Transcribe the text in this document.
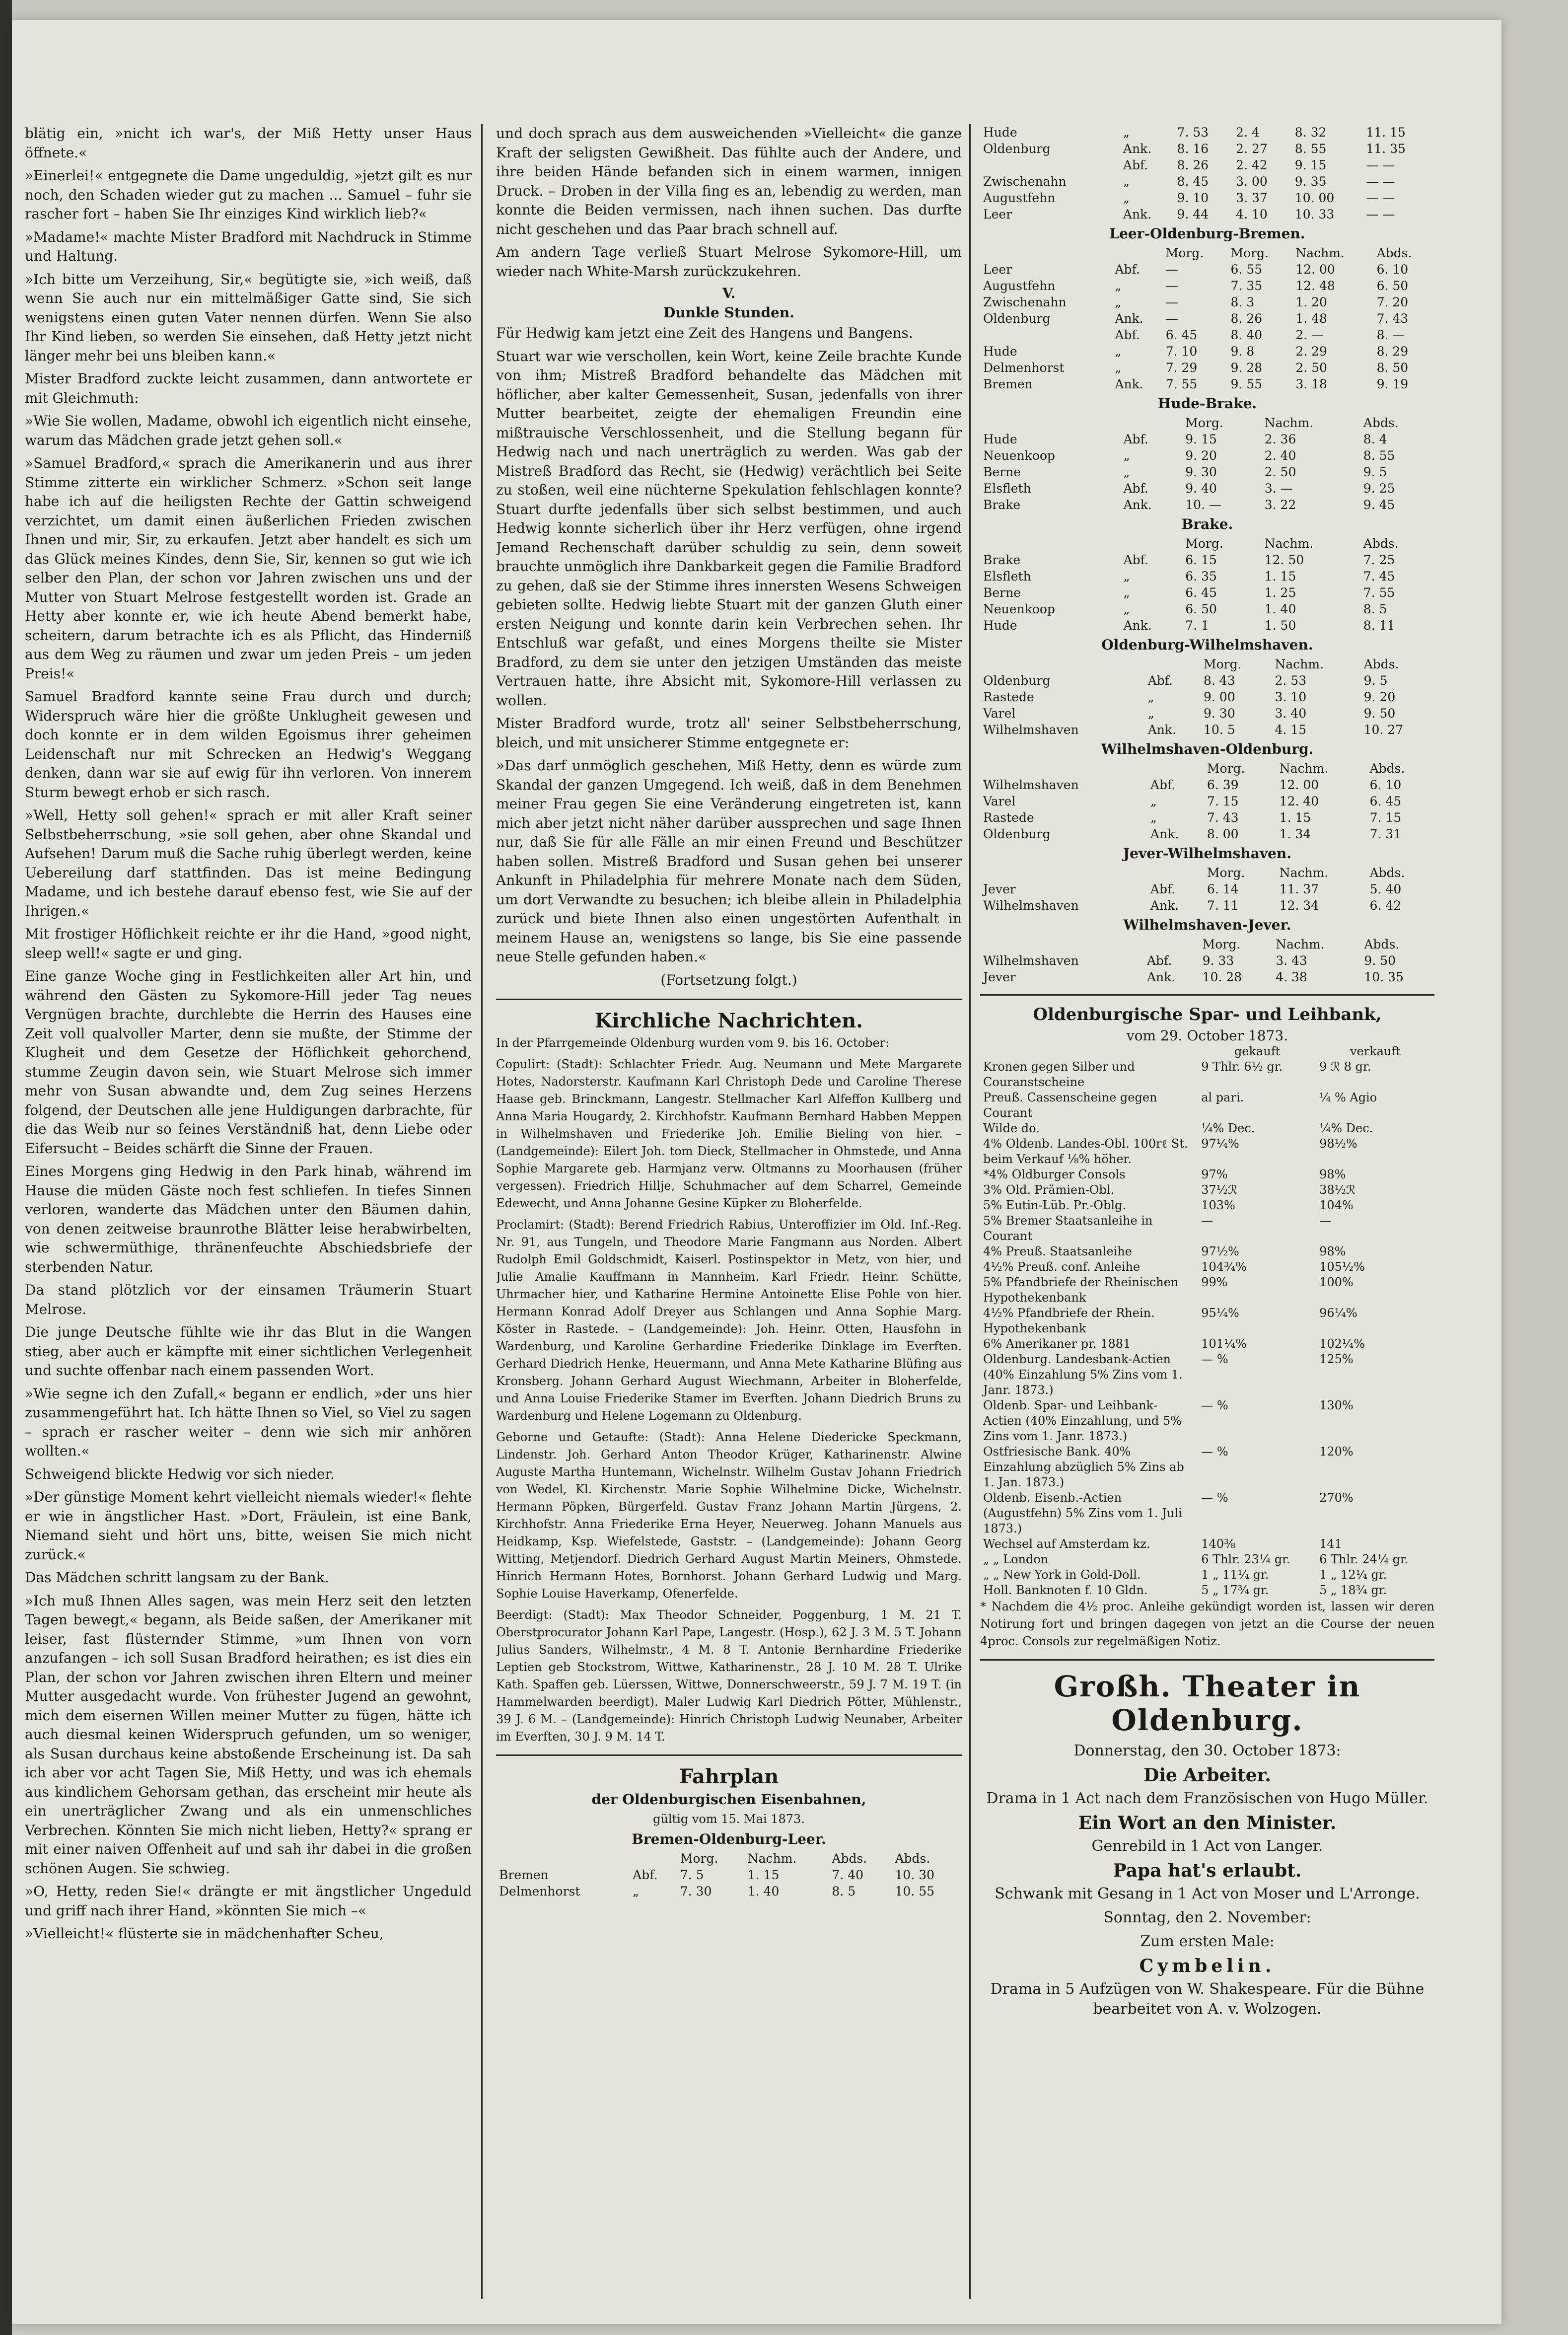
blätig ein, »nicht ich war's, der Miß Hetty unser Haus öffnete.«

»Einerlei!« entgegnete die Dame ungeduldig, »jetzt gilt es nur noch, den Schaden wieder gut zu machen ... Samuel – fuhr sie rascher fort – haben Sie Ihr einziges Kind wirklich lieb?«

»Madame!« machte Mister Bradford mit Nachdruck in Stimme und Haltung.

»Ich bitte um Verzeihung, Sir,« begütigte sie, »ich weiß, daß wenn Sie auch nur ein mittelmäßiger Gatte sind, Sie sich wenigstens einen guten Vater nennen dürfen. Wenn Sie also Ihr Kind lieben, so werden Sie einsehen, daß Hetty jetzt nicht länger mehr bei uns bleiben kann.«

Mister Bradford zuckte leicht zusammen, dann antwortete er mit Gleichmuth:

»Wie Sie wollen, Madame, obwohl ich eigentlich nicht einsehe, warum das Mädchen grade jetzt gehen soll.«

»Samuel Bradford,« sprach die Amerikanerin und aus ihrer Stimme zitterte ein wirklicher Schmerz. »Schon seit lange habe ich auf die heiligsten Rechte der Gattin schweigend verzichtet, um damit einen äußerlichen Frieden zwischen Ihnen und mir, Sir, zu erkaufen. Jetzt aber handelt es sich um das Glück meines Kindes, denn Sie, Sir, kennen so gut wie ich selber den Plan, der schon vor Jahren zwischen uns und der Mutter von Stuart Melrose festgestellt worden ist. Grade an Hetty aber konnte er, wie ich heute Abend bemerkt habe, scheitern, darum betrachte ich es als Pflicht, das Hinderniß aus dem Weg zu räumen und zwar um jeden Preis – um jeden Preis!«

Samuel Bradford kannte seine Frau durch und durch; Widerspruch wäre hier die größte Unklugheit gewesen und doch konnte er in dem wilden Egoismus ihrer geheimen Leidenschaft nur mit Schrecken an Hedwig's Weggang denken, dann war sie auf ewig für ihn verloren. Von innerem Sturm bewegt erhob er sich rasch.

»Well, Hetty soll gehen!« sprach er mit aller Kraft seiner Selbstbeherrschung, »sie soll gehen, aber ohne Skandal und Aufsehen! Darum muß die Sache ruhig überlegt werden, keine Uebereilung darf stattfinden. Das ist meine Bedingung Madame, und ich bestehe darauf ebenso fest, wie Sie auf der Ihrigen.«

Mit frostiger Höflichkeit reichte er ihr die Hand, »good night, sleep well!« sagte er und ging.

Eine ganze Woche ging in Festlichkeiten aller Art hin, und während den Gästen zu Sykomore-Hill jeder Tag neues Vergnügen brachte, durchlebte die Herrin des Hauses eine Zeit voll qualvoller Marter, denn sie mußte, der Stimme der Klugheit und dem Gesetze der Höflichkeit gehorchend, stumme Zeugin davon sein, wie Stuart Melrose sich immer mehr von Susan abwandte und, dem Zug seines Herzens folgend, der Deutschen alle jene Huldigungen darbrachte, für die das Weib nur so feines Verständniß hat, denn Liebe oder Eifersucht – Beides schärft die Sinne der Frauen.

Eines Morgens ging Hedwig in den Park hinab, während im Hause die müden Gäste noch fest schliefen. In tiefes Sinnen verloren, wanderte das Mädchen unter den Bäumen dahin, von denen zeitweise braunrothe Blätter leise herabwirbelten, wie schwermüthige, thränenfeuchte Abschiedsbriefe der sterbenden Natur.

Da stand plötzlich vor der einsamen Träumerin Stuart Melrose.

Die junge Deutsche fühlte wie ihr das Blut in die Wangen stieg, aber auch er kämpfte mit einer sichtlichen Verlegenheit und suchte offenbar nach einem passenden Wort.

»Wie segne ich den Zufall,« begann er endlich, »der uns hier zusammengeführt hat. Ich hätte Ihnen so Viel, so Viel zu sagen – sprach er rascher weiter – denn wie sich mir anhören wollten.«

Schweigend blickte Hedwig vor sich nieder.

»Der günstige Moment kehrt vielleicht niemals wieder!« flehte er wie in ängstlicher Hast. »Dort, Fräulein, ist eine Bank, Niemand sieht und hört uns, bitte, weisen Sie mich nicht zurück.«

Das Mädchen schritt langsam zu der Bank.

»Ich muß Ihnen Alles sagen, was mein Herz seit den letzten Tagen bewegt,« begann, als Beide saßen, der Amerikaner mit leiser, fast flüsternder Stimme, »um Ihnen von vorn anzufangen – ich soll Susan Bradford heirathen; es ist dies ein Plan, der schon vor Jahren zwischen ihren Eltern und meiner Mutter ausgedacht wurde. Von frühester Jugend an gewohnt, mich dem eisernen Willen meiner Mutter zu fügen, hätte ich auch diesmal keinen Widerspruch gefunden, um so weniger, als Susan durchaus keine abstoßende Erscheinung ist. Da sah ich aber vor acht Tagen Sie, Miß Hetty, und was ich ehemals aus kindlichem Gehorsam gethan, das erscheint mir heute als ein unerträglicher Zwang und als ein unmenschliches Verbrechen. Könnten Sie mich nicht lieben, Hetty?« sprang er mit einer naiven Offenheit auf und sah ihr dabei in die großen schönen Augen. Sie schwieg.

»O, Hetty, reden Sie!« drängte er mit ängstlicher Ungeduld und griff nach ihrer Hand, »könnten Sie mich –«

»Vielleicht!« flüsterte sie in mädchenhafter Scheu,

und doch sprach aus dem ausweichenden »Vielleicht« die ganze Kraft der seligsten Gewißheit. Das fühlte auch der Andere, und ihre beiden Hände befanden sich in einem warmen, innigen Druck. – Droben in der Villa fing es an, lebendig zu werden, man konnte die Beiden vermissen, nach ihnen suchen. Das durfte nicht geschehen und das Paar brach schnell auf.

Am andern Tage verließ Stuart Melrose Sykomore-Hill, um wieder nach White-Marsh zurückzukehren.

V.
Dunkle Stunden.

Für Hedwig kam jetzt eine Zeit des Hangens und Bangens.

Stuart war wie verschollen, kein Wort, keine Zeile brachte Kunde von ihm; Mistreß Bradford behandelte das Mädchen mit höflicher, aber kalter Gemessenheit, Susan, jedenfalls von ihrer Mutter bearbeitet, zeigte der ehemaligen Freundin eine mißtrauische Verschlossenheit, und die Stellung begann für Hedwig nach und nach unerträglich zu werden. Was gab der Mistreß Bradford das Recht, sie (Hedwig) verächtlich bei Seite zu stoßen, weil eine nüchterne Spekulation fehlschlagen konnte? Stuart durfte jedenfalls über sich selbst bestimmen, und auch Hedwig konnte sicherlich über ihr Herz verfügen, ohne irgend Jemand Rechenschaft darüber schuldig zu sein, denn soweit brauchte unmöglich ihre Dankbarkeit gegen die Familie Bradford zu gehen, daß sie der Stimme ihres innersten Wesens Schweigen gebieten sollte. Hedwig liebte Stuart mit der ganzen Gluth einer ersten Neigung und konnte darin kein Verbrechen sehen. Ihr Entschluß war gefaßt, und eines Morgens theilte sie Mister Bradford, zu dem sie unter den jetzigen Umständen das meiste Vertrauen hatte, ihre Absicht mit, Sykomore-Hill verlassen zu wollen.

Mister Bradford wurde, trotz all' seiner Selbstbeherrschung, bleich, und mit unsicherer Stimme entgegnete er:

»Das darf unmöglich geschehen, Miß Hetty, denn es würde zum Skandal der ganzen Umgegend. Ich weiß, daß in dem Benehmen meiner Frau gegen Sie eine Veränderung eingetreten ist, kann mich aber jetzt nicht näher darüber aussprechen und sage Ihnen nur, daß Sie für alle Fälle an mir einen Freund und Beschützer haben sollen. Mistreß Bradford und Susan gehen bei unserer Ankunft in Philadelphia für mehrere Monate nach dem Süden, um dort Verwandte zu besuchen; ich bleibe allein in Philadelphia zurück und biete Ihnen also einen ungestörten Aufenthalt in meinem Hause an, wenigstens so lange, bis Sie eine passende neue Stelle gefunden haben.«

(Fortsetzung folgt.)

Kirchliche Nachrichten.

In der Pfarrgemeinde Oldenburg wurden vom 9. bis 16. October:

Copulirt: (Stadt): Schlachter Friedr. Aug. Neumann und Mete Margarete Hotes, Nadorsterstr. Kaufmann Karl Christoph Dede und Caroline Therese Haase geb. Brinckmann, Langestr. Stellmacher Karl Alfeffon Kullberg und Anna Maria Hougardy, 2. Kirchhofstr. Kaufmann Bernhard Habben Meppen in Wilhelmshaven und Friederike Joh. Emilie Bieling von hier. – (Landgemeinde): Eilert Joh. tom Dieck, Stellmacher in Ohmstede, und Anna Sophie Margarete geb. Harmjanz verw. Oltmanns zu Moorhausen (früher vergessen). Friedrich Hillje, Schuhmacher auf dem Scharrel, Gemeinde Edewecht, und Anna Johanne Gesine Küpker zu Bloherfelde.

Proclamirt: (Stadt): Berend Friedrich Rabius, Unteroffizier im Old. Inf.-Reg. Nr. 91, aus Tungeln, und Theodore Marie Fangmann aus Norden. Albert Rudolph Emil Goldschmidt, Kaiserl. Postinspektor in Metz, von hier, und Julie Amalie Kauffmann in Mannheim. Karl Friedr. Heinr. Schütte, Uhrmacher hier, und Katharine Hermine Antoinette Elise Pohle von hier. Hermann Konrad Adolf Dreyer aus Schlangen und Anna Sophie Marg. Köster in Rastede. – (Landgemeinde): Joh. Heinr. Otten, Hausfohn in Wardenburg, und Karoline Gerhardine Friederike Dinklage im Everften. Gerhard Diedrich Henke, Heuermann, und Anna Mete Katharine Blüfing aus Kronsberg. Johann Gerhard August Wiechmann, Arbeiter in Bloherfelde, und Anna Louise Friederike Stamer im Everften. Johann Diedrich Bruns zu Wardenburg und Helene Logemann zu Oldenburg.

Geborne und Getaufte: (Stadt): Anna Helene Diedericke Speckmann, Lindenstr. Joh. Gerhard Anton Theodor Krüger, Katharinenstr. Alwine Auguste Martha Huntemann, Wichelnstr. Wilhelm Gustav Johann Friedrich von Wedel, Kl. Kirchenstr. Marie Sophie Wilhelmine Dicke, Wichelnstr. Hermann Pöpken, Bürgerfeld. Gustav Franz Johann Martin Jürgens, 2. Kirchhofstr. Anna Friederike Erna Heyer, Neuerweg. Johann Manuels aus Heidkamp, Ksp. Wiefelstede, Gaststr. – (Landgemeinde): Johann Georg Witting, Metjendorf. Diedrich Gerhard August Martin Meiners, Ohmstede. Hinrich Hermann Hotes, Bornhorst. Johann Gerhard Ludwig und Marg. Sophie Louise Haverkamp, Ofenerfelde.

Beerdigt: (Stadt): Max Theodor Schneider, Poggenburg, 1 M. 21 T. Oberstprocurator Johann Karl Pape, Langestr. (Hosp.), 62 J. 3 M. 5 T. Johann Julius Sanders, Wilhelmstr., 4 M. 8 T. Antonie Bernhardine Friederike Leptien geb Stockstrom, Wittwe, Katharinenstr., 28 J. 10 M. 28 T. Ulrike Kath. Spaffen geb. Lüerssen, Wittwe, Donnerschweerstr., 59 J. 7 M. 19 T. (in Hammelwarden beerdigt). Maler Ludwig Karl Diedrich Pötter, Mühlenstr., 39 J. 6 M. – (Landgemeinde): Hinrich Christoph Ludwig Neunaber, Arbeiter im Everften, 30 J. 9 M. 14 T.

Fahrplan
der Oldenburgischen Eisenbahnen,
gültig vom 15. Mai 1873.
Bremen-Oldenburg-Leer.
		Morg.	Nachm.	Abds.	Abds.
Bremen	Abf.	7. 5	1. 15	7. 40	10. 30
Delmenhorst	„	7. 30	1. 40	8. 5	10. 55
Hude	„	7. 53	2. 4	8. 32	11. 15
Oldenburg	Ank.	8. 16	2. 27	8. 55	11. 35
	Abf.	8. 26	2. 42	9. 15	— —
Zwischenahn	„	8. 45	3. 00	9. 35	— —
Augustfehn	„	9. 10	3. 37	10. 00	— —
Leer	Ank.	9. 44	4. 10	10. 33	— —
Leer-Oldenburg-Bremen.
		Morg.	Morg.	Nachm.	Abds.
Leer	Abf.	—	6. 55	12. 00	6. 10
Augustfehn	„	—	7. 35	12. 48	6. 50
Zwischenahn	„	—	8. 3	1. 20	7. 20
Oldenburg	Ank.	—	8. 26	1. 48	7. 43
	Abf.	6. 45	8. 40	2. —	8. —
Hude	„	7. 10	9. 8	2. 29	8. 29
Delmenhorst	„	7. 29	9. 28	2. 50	8. 50
Bremen	Ank.	7. 55	9. 55	3. 18	9. 19
Hude-Brake.
		Morg.	Nachm.	Abds.
Hude	Abf.	9. 15	2. 36	8. 4
Neuenkoop	„	9. 20	2. 40	8. 55
Berne	„	9. 30	2. 50	9. 5
Elsfleth	Abf.	9. 40	3. —	9. 25
Brake	Ank.	10. —	3. 22	9. 45
Brake.
		Morg.	Nachm.	Abds.
Brake	Abf.	6. 15	12. 50	7. 25
Elsfleth	„	6. 35	1. 15	7. 45
Berne	„	6. 45	1. 25	7. 55
Neuenkoop	„	6. 50	1. 40	8. 5
Hude	Ank.	7. 1	1. 50	8. 11
Oldenburg-Wilhelmshaven.
		Morg.	Nachm.	Abds.
Oldenburg	Abf.	8. 43	2. 53	9. 5
Rastede	„	9. 00	3. 10	9. 20
Varel	„	9. 30	3. 40	9. 50
Wilhelmshaven	Ank.	10. 5	4. 15	10. 27
Wilhelmshaven-Oldenburg.
		Morg.	Nachm.	Abds.
Wilhelmshaven	Abf.	6. 39	12. 00	6. 10
Varel	„	7. 15	12. 40	6. 45
Rastede	„	7. 43	1. 15	7. 15
Oldenburg	Ank.	8. 00	1. 34	7. 31
Jever-Wilhelmshaven.
		Morg.	Nachm.	Abds.
Jever	Abf.	6. 14	11. 37	5. 40
Wilhelmshaven	Ank.	7. 11	12. 34	6. 42
Wilhelmshaven-Jever.
		Morg.	Nachm.	Abds.
Wilhelmshaven	Abf.	9. 33	3. 43	9. 50
Jever	Ank.	10. 28	4. 38	10. 35
Oldenburgische Spar- und Leihbank,
vom 29. October 1873.
	gekauft	verkauft
Kronen gegen Silber und Couranstscheine	9 Thlr. 6½ gr.	9 ℛ 8 gr.
Preuß. Cassenscheine gegen Courant	al pari.	¼ % Agio
Wilde do.	¼% Dec.	¼% Dec.
4% Oldenb. Landes-Obl. 100rℓ St. beim Verkauf ⅛% höher.	97¼%	98½%
*4% Oldburger Consols	97%	98%
3% Old. Prämien-Obl.	37½ℛ	38½ℛ
5% Eutin-Lüb. Pr.-Oblg.	103%	104%
5% Bremer Staatsanleihe in Courant	—	—
4% Preuß. Staatsanleihe	97½%	98%
4½% Preuß. conf. Anleihe	104¾%	105½%
5% Pfandbriefe der Rheinischen Hypothekenbank	99%	100%
4½% Pfandbriefe der Rhein. Hypothekenbank	95¼%	96¼%
6% Amerikaner pr. 1881	101¼%	102¼%
Oldenburg. Landesbank-Actien (40% Einzahlung 5% Zins vom 1. Janr. 1873.)	— %	125%
Oldenb. Spar- und Leihbank-Actien (40% Einzahlung, und 5% Zins vom 1. Janr. 1873.)	— %	130%
Ostfriesische Bank. 40% Einzahlung abzüglich 5% Zins ab 1. Jan. 1873.)	— %	120%
Oldenb. Eisenb.-Actien (Augustfehn) 5% Zins vom 1. Juli 1873.)	— %	270%
Wechsel auf Amsterdam kz.	140⅜	141
„ „ London	6 Thlr. 23¼ gr.	6 Thlr. 24¼ gr.
„ „ New York in Gold-Doll.	1 „ 11¼ gr.	1 „ 12¼ gr.
Holl. Banknoten f. 10 Gldn.	5 „ 17¾ gr.	5 „ 18¾ gr.

* Nachdem die 4½ proc. Anleihe gekündigt worden ist, lassen wir deren Notirung fort und bringen dagegen von jetzt an die Course der neuen 4proc. Consols zur regelmäßigen Notiz.

Großh. Theater in Oldenburg.

Donnerstag, den 30. October 1873:

Die Arbeiter.

Drama in 1 Act nach dem Französischen von Hugo Müller.

Ein Wort an den Minister.

Genrebild in 1 Act von Langer.

Papa hat's erlaubt.

Schwank mit Gesang in 1 Act von Moser und L'Arronge.

Sonntag, den 2. November:

Zum ersten Male:

Cymbelin.

Drama in 5 Aufzügen von W. Shakespeare. Für die Bühne bearbeitet von A. v. Wolzogen.
